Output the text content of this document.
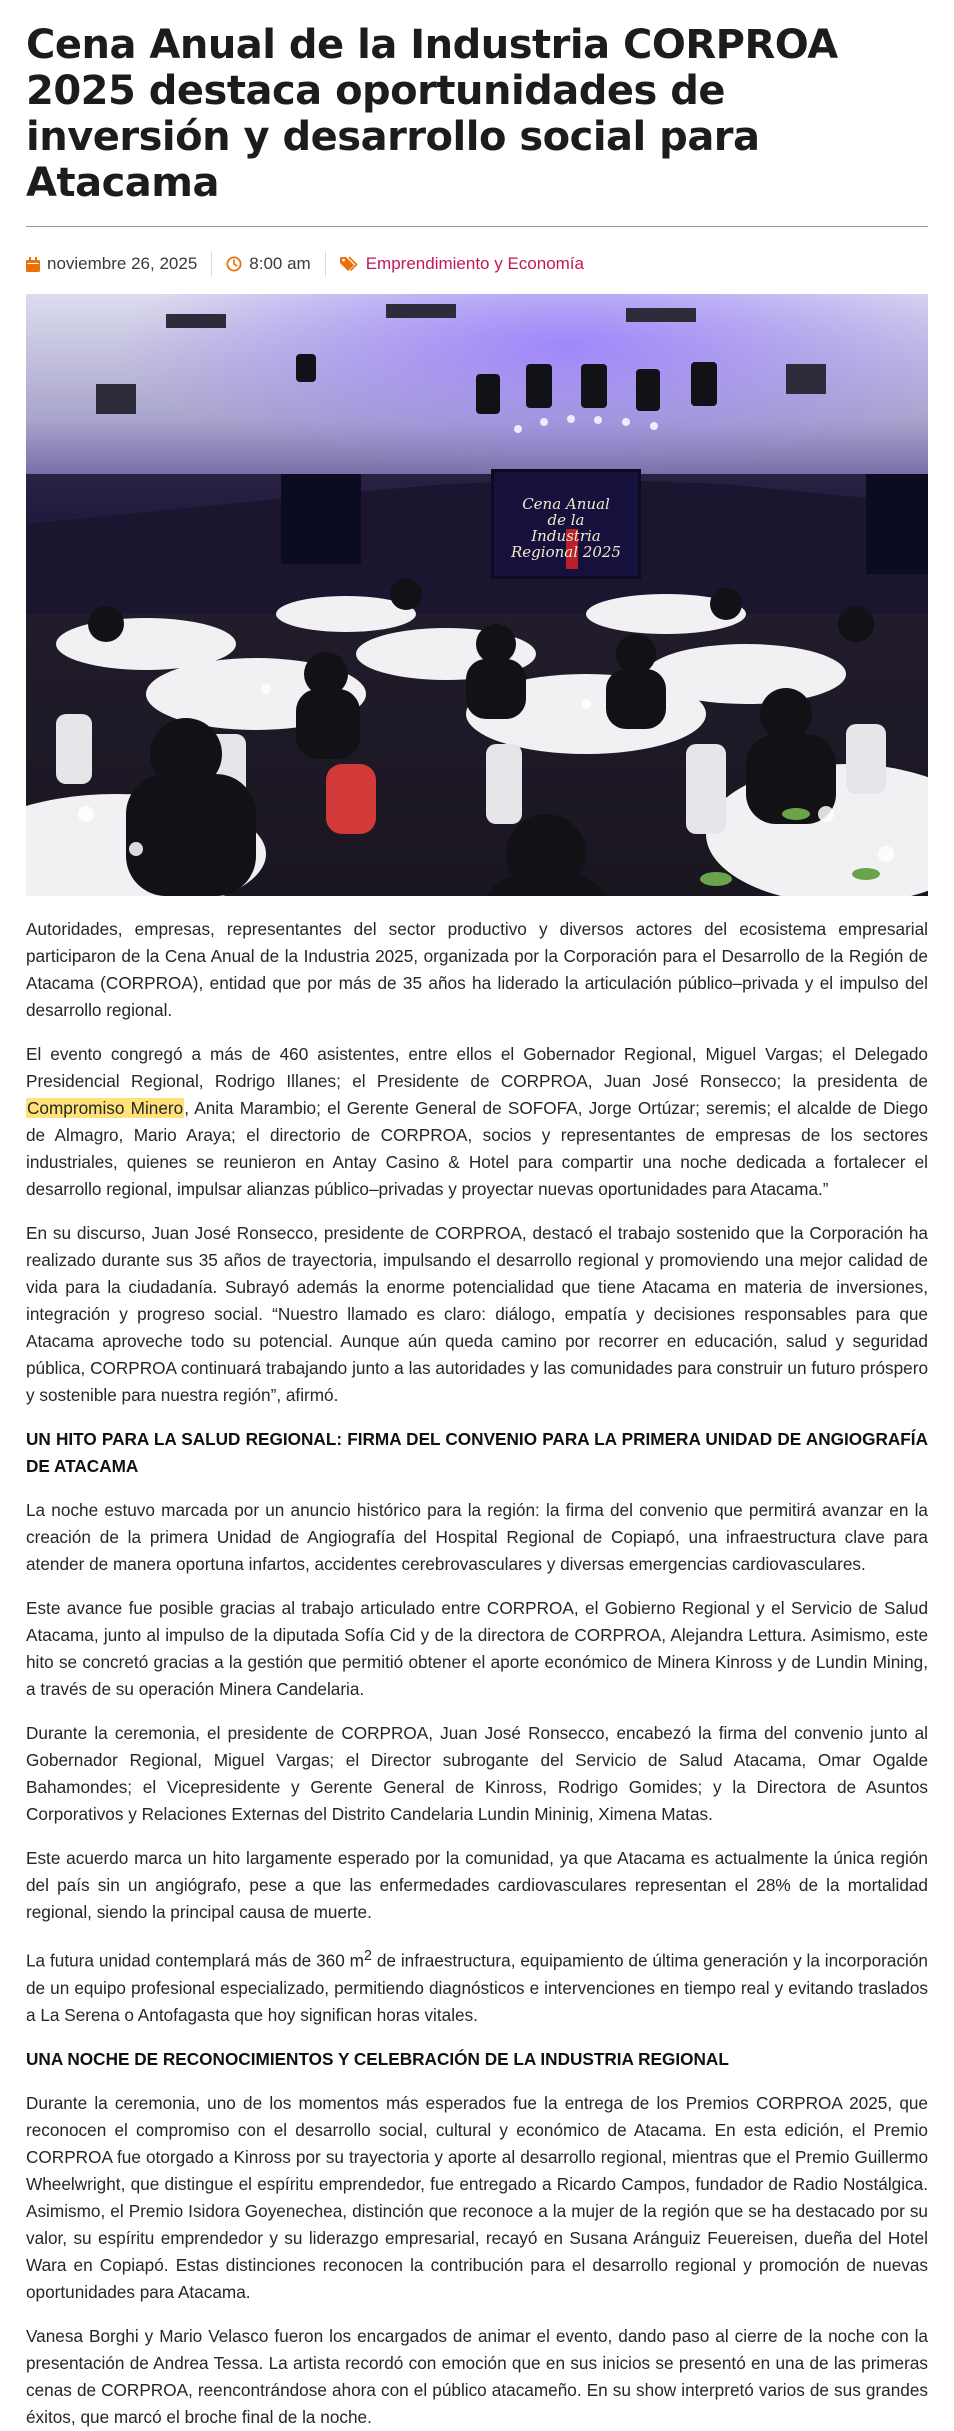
Cena Anual de la Industria CORPROA 2025 destaca oportunidades de inversión y desarrollo social para Atacama
noviembre 26, 2025	8:00 am	Emprendimiento y Economía
Cena Anual de la Industria Regional 2025

Autoridades, empresas, representantes del sector productivo y diversos actores del ecosistema empresarial participaron de la Cena Anual de la Industria 2025, organizada por la Corporación para el Desarrollo de la Región de Atacama (CORPROA), entidad que por más de 35 años ha liderado la articulación público–privada y el impulso del desarrollo regional.

El evento congregó a más de 460 asistentes, entre ellos el Gobernador Regional, Miguel Vargas; el Delegado Presidencial Regional, Rodrigo Illanes; el Presidente de CORPROA, Juan José Ronsecco; la presidenta de Compromiso Minero, Anita Marambio; el Gerente General de SOFOFA, Jorge Ortúzar; seremis; el alcalde de Diego de Almagro, Mario Araya; el directorio de CORPROA, socios y representantes de empresas de los sectores industriales, quienes se reunieron en Antay Casino & Hotel para compartir una noche dedicada a fortalecer el desarrollo regional, impulsar alianzas público–privadas y proyectar nuevas oportunidades para Atacama.”

En su discurso, Juan José Ronsecco, presidente de CORPROA, destacó el trabajo sostenido que la Corporación ha realizado durante sus 35 años de trayectoria, impulsando el desarrollo regional y promoviendo una mejor calidad de vida para la ciudadanía. Subrayó además la enorme potencialidad que tiene Atacama en materia de inversiones, integración y progreso social. “Nuestro llamado es claro: diálogo, empatía y decisiones responsables para que Atacama aproveche todo su potencial. Aunque aún queda camino por recorrer en educación, salud y seguridad pública, CORPROA continuará trabajando junto a las autoridades y las comunidades para construir un futuro próspero y sostenible para nuestra región”, afirmó.

UN HITO PARA LA SALUD REGIONAL: FIRMA DEL CONVENIO PARA LA PRIMERA UNIDAD DE ANGIOGRAFÍA DE ATACAMA

La noche estuvo marcada por un anuncio histórico para la región: la firma del convenio que permitirá avanzar en la creación de la primera Unidad de Angiografía del Hospital Regional de Copiapó, una infraestructura clave para atender de manera oportuna infartos, accidentes cerebrovasculares y diversas emergencias cardiovasculares.

Este avance fue posible gracias al trabajo articulado entre CORPROA, el Gobierno Regional y el Servicio de Salud Atacama, junto al impulso de la diputada Sofía Cid y de la directora de CORPROA, Alejandra Lettura. Asimismo, este hito se concretó gracias a la gestión que permitió obtener el aporte económico de Minera Kinross y de Lundin Mining, a través de su operación Minera Candelaria.

Durante la ceremonia, el presidente de CORPROA, Juan José Ronsecco, encabezó la firma del convenio junto al Gobernador Regional, Miguel Vargas; el Director subrogante del Servicio de Salud Atacama, Omar Ogalde Bahamondes; el Vicepresidente y Gerente General de Kinross, Rodrigo Gomides; y la Directora de Asuntos Corporativos y Relaciones Externas del Distrito Candelaria Lundin Mininig, Ximena Matas.

Este acuerdo marca un hito largamente esperado por la comunidad, ya que Atacama es actualmente la única región del país sin un angiógrafo, pese a que las enfermedades cardiovasculares representan el 28% de la mortalidad regional, siendo la principal causa de muerte.

La futura unidad contemplará más de 360 $m^2$ de infraestructura, equipamiento de última generación y la incorporación de un equipo profesional especializado, permitiendo diagnósticos e intervenciones en tiempo real y evitando traslados a La Serena o Antofagasta que hoy significan horas vitales.

UNA NOCHE DE RECONOCIMIENTOS Y CELEBRACIÓN DE LA INDUSTRIA REGIONAL

Durante la ceremonia, uno de los momentos más esperados fue la entrega de los Premios CORPROA 2025, que reconocen el compromiso con el desarrollo social, cultural y económico de Atacama. En esta edición, el Premio CORPROA fue otorgado a Kinross por su trayectoria y aporte al desarrollo regional, mientras que el Premio Guillermo Wheelwright, que distingue el espíritu emprendedor, fue entregado a Ricardo Campos, fundador de Radio Nostálgica. Asimismo, el Premio Isidora Goyenechea, distinción que reconoce a la mujer de la región que se ha destacado por su valor, su espíritu emprendedor y su liderazgo empresarial, recayó en Susana Aránguiz Feuereisen, dueña del Hotel Wara en Copiapó. Estas distinciones reconocen la contribución para el desarrollo regional y promoción de nuevas oportunidades para Atacama.

Vanesa Borghi y Mario Velasco fueron los encargados de animar el evento, dando paso al cierre de la noche con la presentación de Andrea Tessa. La artista recordó con emoción que en sus inicios se presentó en una de las primeras cenas de CORPROA, reencontrándose ahora con el público atacameño. En su show interpretó varios de sus grandes éxitos, que marcó el broche final de la noche.
